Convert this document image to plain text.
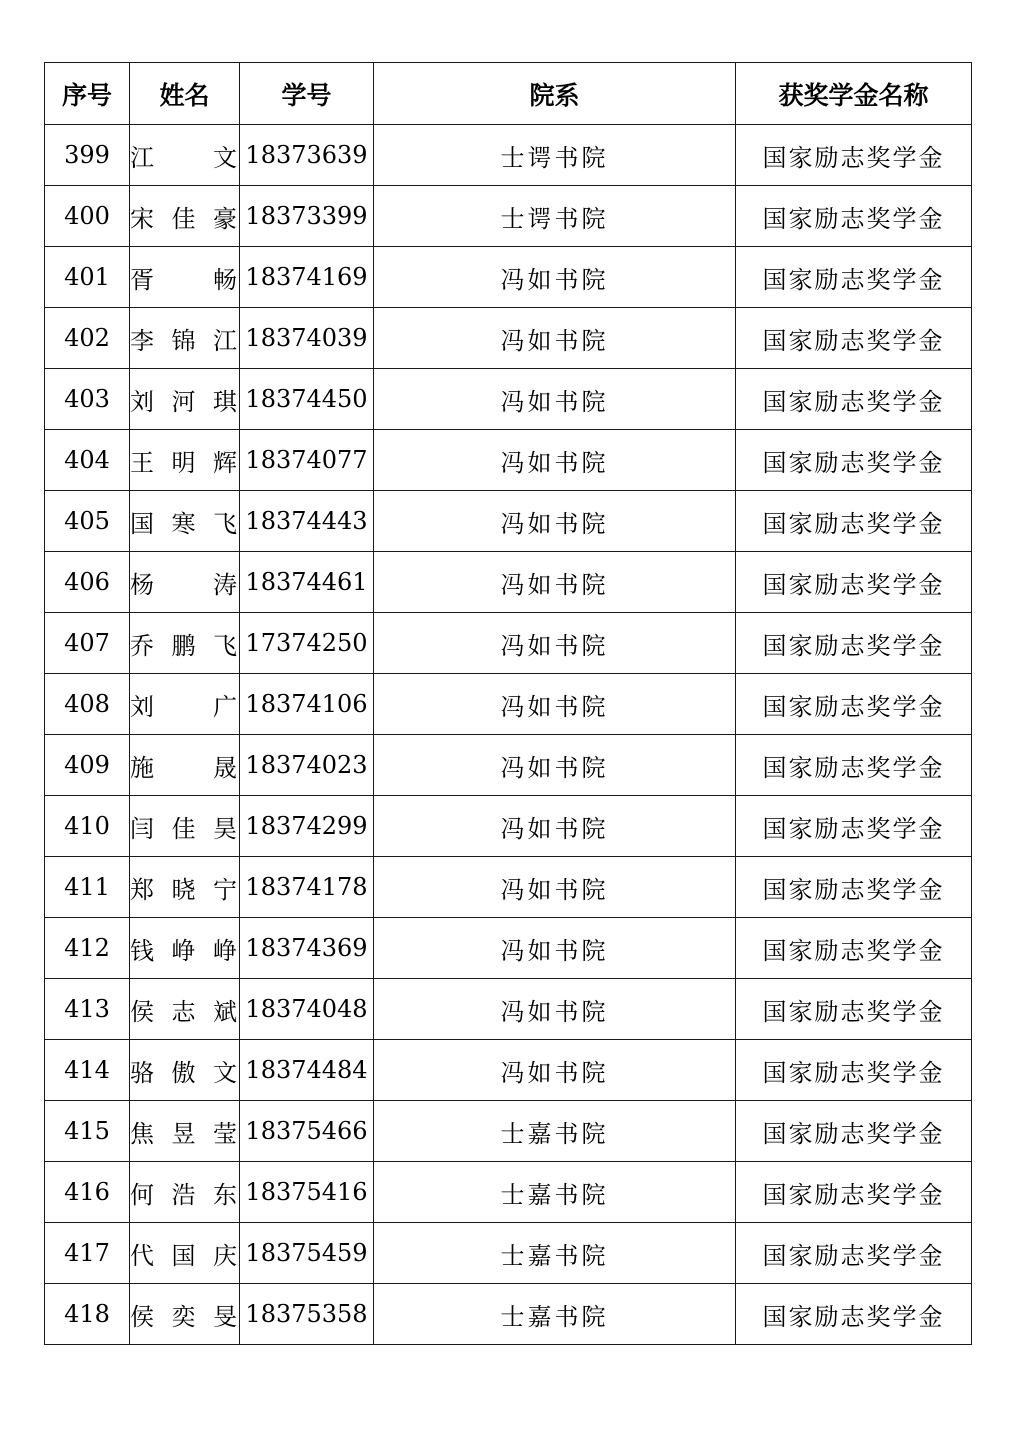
序号	姓名	学号	院系	获奖学金名称
399	江　文	18373639	士谔书院	国家励志奖学金
400	宋佳豪	18373399	士谔书院	国家励志奖学金
401	胥　畅	18374169	冯如书院	国家励志奖学金
402	李锦江	18374039	冯如书院	国家励志奖学金
403	刘河琪	18374450	冯如书院	国家励志奖学金
404	王明辉	18374077	冯如书院	国家励志奖学金
405	国寒飞	18374443	冯如书院	国家励志奖学金
406	杨　涛	18374461	冯如书院	国家励志奖学金
407	乔鹏飞	17374250	冯如书院	国家励志奖学金
408	刘　广	18374106	冯如书院	国家励志奖学金
409	施　晟	18374023	冯如书院	国家励志奖学金
410	闫佳昊	18374299	冯如书院	国家励志奖学金
411	郑晓宁	18374178	冯如书院	国家励志奖学金
412	钱峥峥	18374369	冯如书院	国家励志奖学金
413	侯志斌	18374048	冯如书院	国家励志奖学金
414	骆傲文	18374484	冯如书院	国家励志奖学金
415	焦昱莹	18375466	士嘉书院	国家励志奖学金
416	何浩东	18375416	士嘉书院	国家励志奖学金
417	代国庆	18375459	士嘉书院	国家励志奖学金
418	侯奕旻	18375358	士嘉书院	国家励志奖学金
